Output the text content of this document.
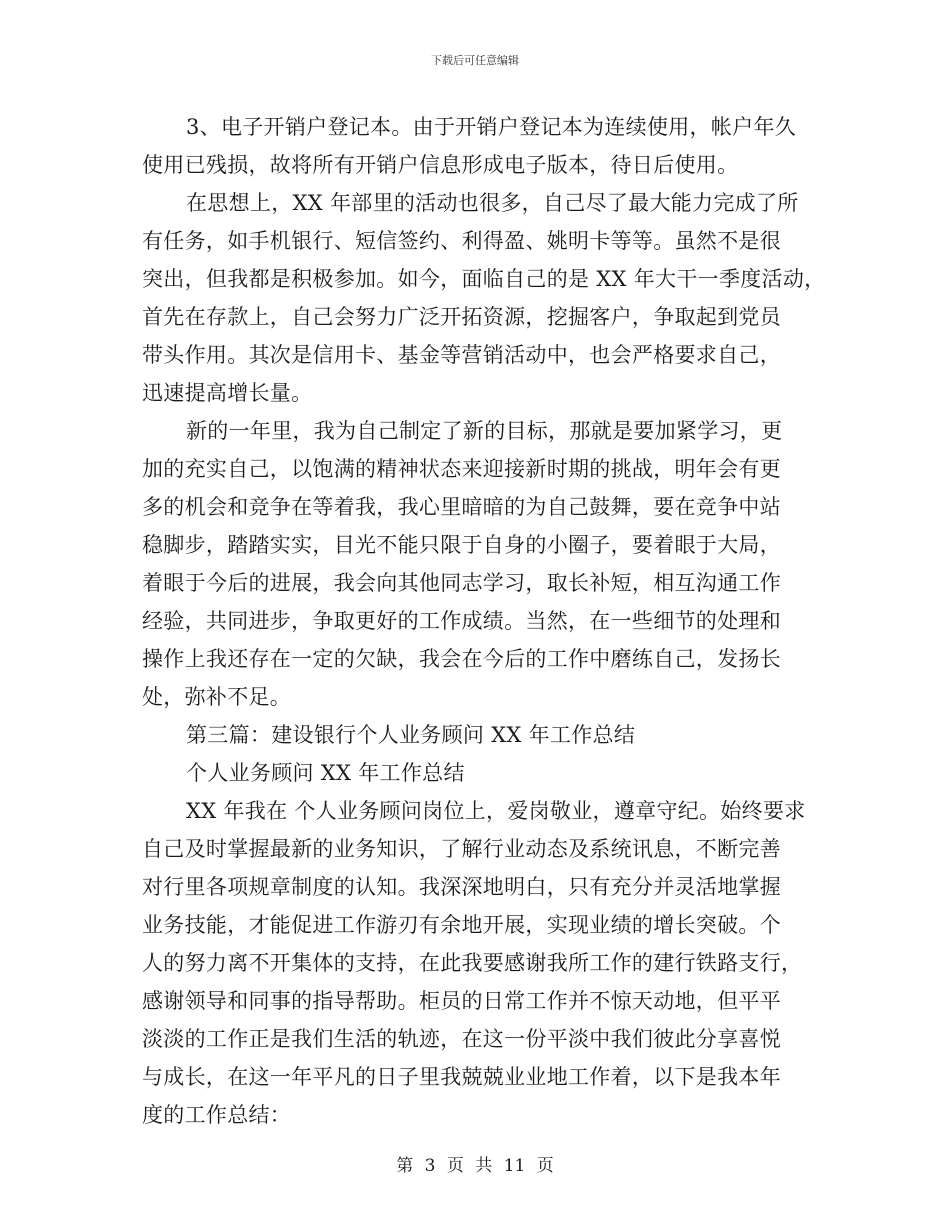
下载后可任意编辑
3、电子开销户登记本。由于开销户登记本为连续使用，帐户年久
使用已残损，故将所有开销户信息形成电子版本，待日后使用。
在思想上，XX 年部里的活动也很多，自己尽了最大能力完成了所
有任务，如手机银行、短信签约、利得盈、姚明卡等等。虽然不是很
突出，但我都是积极参加。如今，面临自己的是 XX 年大干一季度活动，
首先在存款上，自己会努力广泛开拓资源，挖掘客户，争取起到党员
带头作用。其次是信用卡、基金等营销活动中，也会严格要求自己，
迅速提高增长量。
新的一年里，我为自己制定了新的目标，那就是要加紧学习，更
加的充实自己，以饱满的精神状态来迎接新时期的挑战，明年会有更
多的机会和竞争在等着我，我心里暗暗的为自己鼓舞，要在竞争中站
稳脚步，踏踏实实，目光不能只限于自身的小圈子，要着眼于大局，
着眼于今后的进展，我会向其他同志学习，取长补短，相互沟通工作
经验，共同进步，争取更好的工作成绩。当然，在一些细节的处理和
操作上我还存在一定的欠缺，我会在今后的工作中磨练自己，发扬长
处，弥补不足。
第三篇：建设银行个人业务顾问 XX 年工作总结
个人业务顾问 XX 年工作总结
XX 年我在 个人业务顾问岗位上，爱岗敬业，遵章守纪。始终要求
自己及时掌握最新的业务知识，了解行业动态及系统讯息，不断完善
对行里各项规章制度的认知。我深深地明白，只有充分并灵活地掌握
业务技能，才能促进工作游刃有余地开展，实现业绩的增长突破。个
人的努力离不开集体的支持，在此我要感谢我所工作的建行铁路支行，
感谢领导和同事的指导帮助。柜员的日常工作并不惊天动地，但平平
淡淡的工作正是我们生活的轨迹，在这一份平淡中我们彼此分享喜悦
与成长，在这一年平凡的日子里我兢兢业业地工作着，以下是我本年
度的工作总结：
第 3 页 共 11 页
